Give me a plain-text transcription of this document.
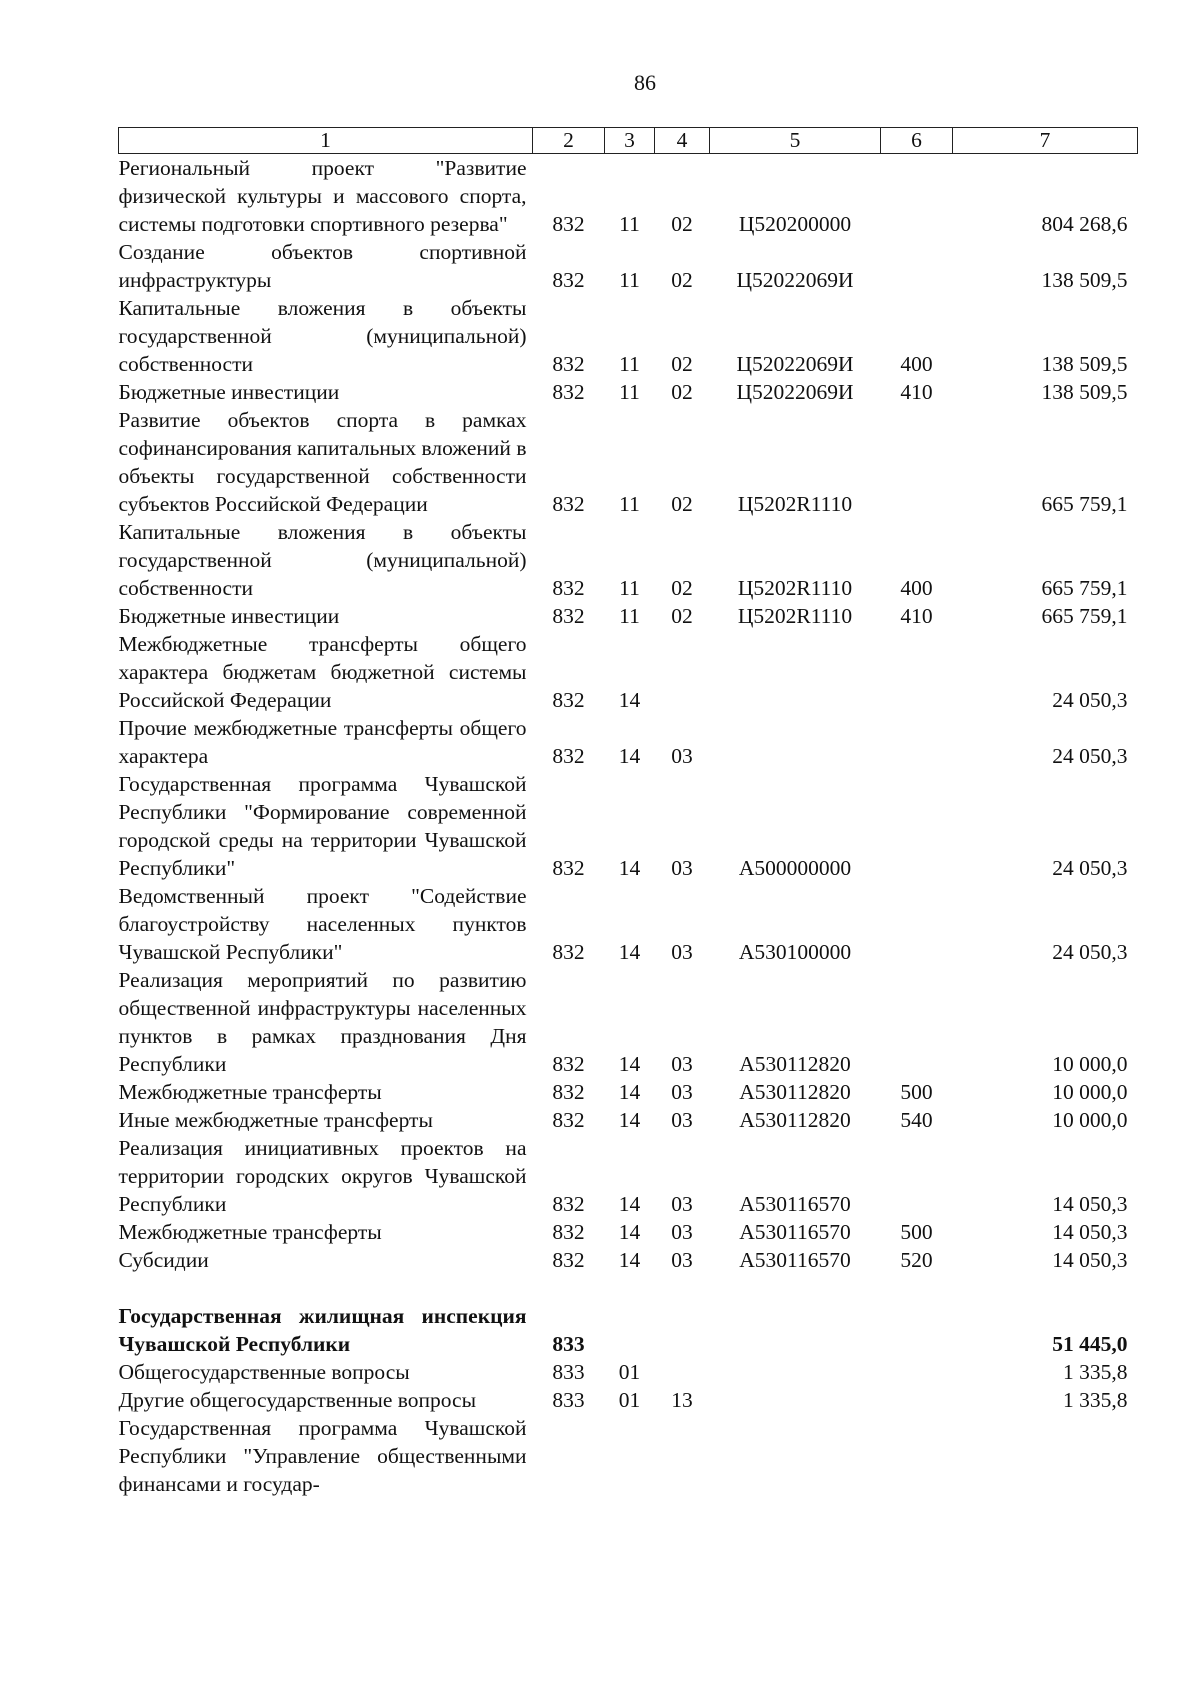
86
1	2	3	4	5	6	7
Региональный проект "Развитие физической культуры и массового спорта, системы подготовки спортивного резерва"	832	11	02	Ц520200000		804 268,6
Создание объектов спортивной инфраструктуры	832	11	02	Ц52022069И		138 509,5
Капитальные вложения в объекты государственной (муниципальной) собственности	832	11	02	Ц52022069И	400	138 509,5
Бюджетные инвестиции	832	11	02	Ц52022069И	410	138 509,5
Развитие объектов спорта в рамках софинансирования капитальных вложений в объекты государственной собственности субъектов Российской Федерации	832	11	02	Ц5202R1110		665 759,1
Капитальные вложения в объекты государственной (муниципальной) собственности	832	11	02	Ц5202R1110	400	665 759,1
Бюджетные инвестиции	832	11	02	Ц5202R1110	410	665 759,1
Межбюджетные трансферты общего характера бюджетам бюджетной системы Российской Федерации	832	14				24 050,3
Прочие межбюджетные трансферты общего характера	832	14	03			24 050,3
Государственная программа Чувашской Республики "Формирование современной городской среды на территории Чувашской Республики"	832	14	03	А500000000		24 050,3
Ведомственный проект "Содействие благоустройству населенных пунктов Чувашской Республики"	832	14	03	А530100000		24 050,3
Реализация мероприятий по развитию общественной инфраструктуры населенных пунктов в рамках празднования Дня Республики	832	14	03	А530112820		10 000,0
Межбюджетные трансферты	832	14	03	А530112820	500	10 000,0
Иные межбюджетные трансферты	832	14	03	А530112820	540	10 000,0
Реализация инициативных проектов на территории городских округов Чувашской Республики	832	14	03	А530116570		14 050,3
Межбюджетные трансферты	832	14	03	А530116570	500	14 050,3
Субсидии	832	14	03	А530116570	520	14 050,3

Государственная жилищная инспекция Чувашской Республики	833					51 445,0
Общегосударственные вопросы	833	01				1 335,8
Другие общегосударственные вопросы	833	01	13			1 335,8
Государственная программа Чувашской Республики "Управление общественными финансами и государ-						
